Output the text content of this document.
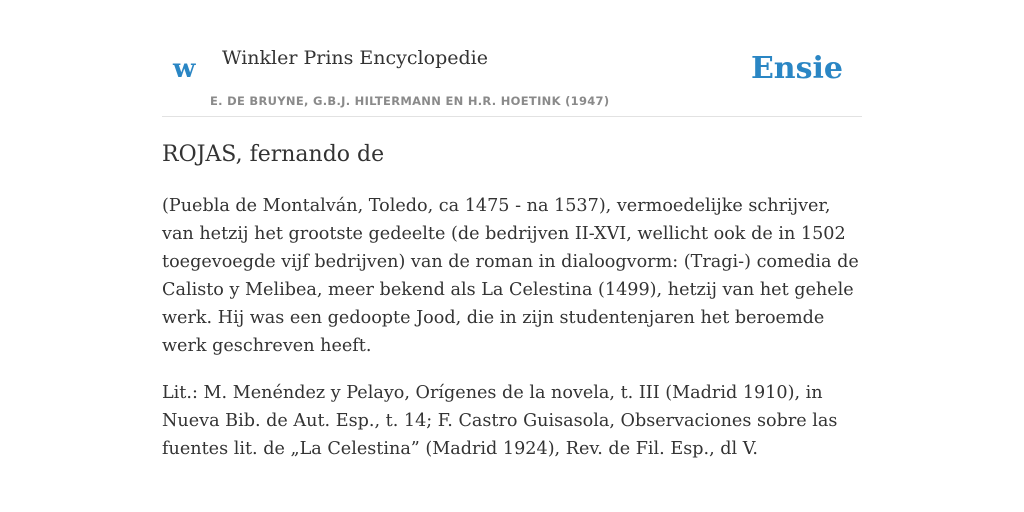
w Winkler Prins Encyclopedie
E. DE BRUYNE, G.B.J. HILTERMANN EN H.R. HOETINK (1947)
Ensie
ROJAS, fernando de

(Puebla de Montalván, Toledo, ca 1475 - na 1537), vermoedelijke schrijver, van hetzij het grootste gedeelte (de bedrijven II-XVI, wellicht ook de in 1502 toegevoegde vijf bedrijven) van de roman in dialoogvorm: (Tragi-) comedia de Calisto y Melibea, meer bekend als La Celestina (1499), hetzij van het gehele werk. Hij was een gedoopte Jood, die in zijn studentenjaren het beroemde werk geschreven heeft.

Lit.: M. Menéndez y Pelayo, Orígenes de la novela, t. III (Madrid 1910), in Nueva Bib. de Aut. Esp., t. 14; F. Castro Guisasola, Observaciones sobre las fuentes lit. de „La Celestina” (Madrid 1924), Rev. de Fil. Esp., dl V.
